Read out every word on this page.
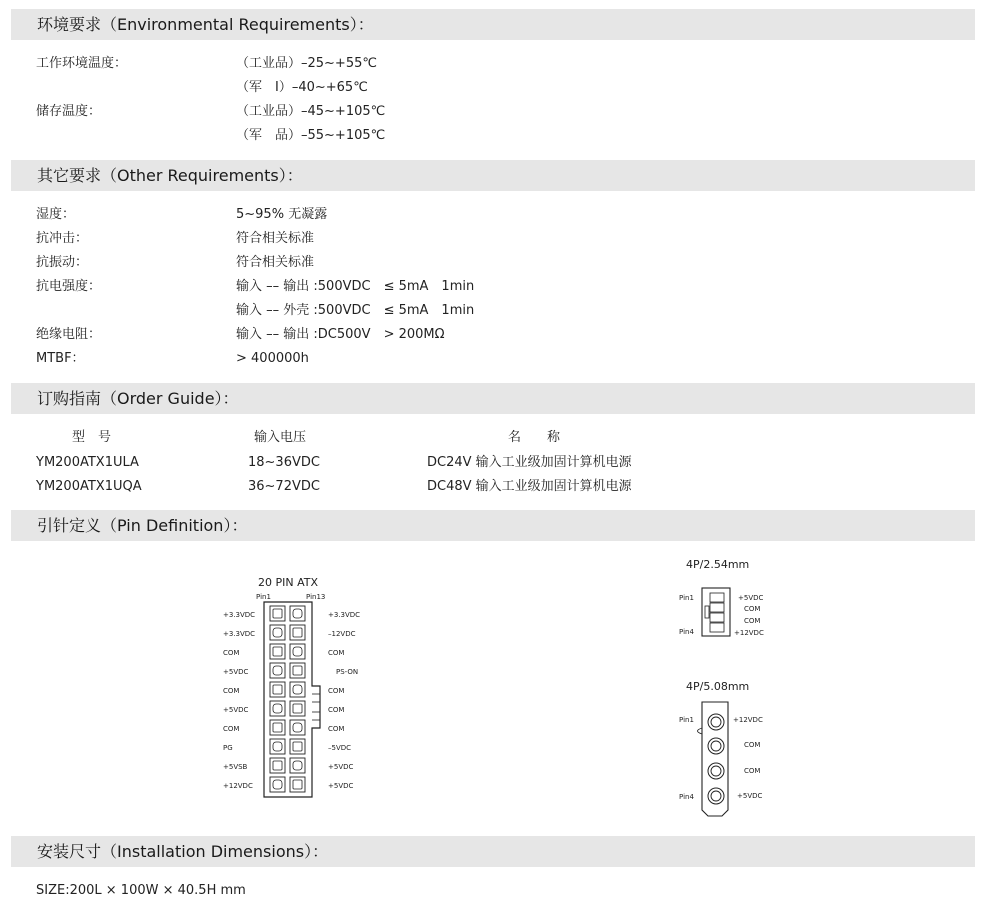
环境要求（Environmental Requirements）：
工作环境温度：	（工业品）–25~+55℃
（军　Ⅰ）–40~+65℃
储存温度：	（工业品）–45~+105℃
（军　品）–55~+105℃
其它要求（Other Requirements）：
湿度：	5~95% 无凝露
抗冲击：	符合相关标准
抗振动：	符合相关标准
抗电强度：	输入 –– 输出 :500VDC　≤ 5mA　1min
输入 –– 外壳 :500VDC　≤ 5mA　1min
绝缘电阻：	输入 –– 输出 :DC500V　> 200MΩ
MTBF：	> 400000h
订购指南（Order Guide）：
型　号	输入电压	名　　称
YM200ATX1ULA	18~36VDC	DC24V 输入工业级加固计算机电源
YM200ATX1UQA	36~72VDC	DC48V 输入工业级加固计算机电源
引针定义（Pin Definition）：
20 PIN ATX
Pin1	Pin13
+3.3VDC
+3.3VDC
COM
+5VDC
COM
+5VDC
COM
PG
+5VSB
+12VDC
+3.3VDC
–12VDC
COM
PS-ON
COM
COM
COM
–5VDC
+5VDC
+5VDC
4P/2.54mm
Pin1
Pin4
+5VDC
COM
COM
+12VDC
4P/5.08mm
Pin1
Pin4
+12VDC
COM
COM
+5VDC
安装尺寸（Installation Dimensions）：
SIZE:200L × 100W × 40.5H mm
